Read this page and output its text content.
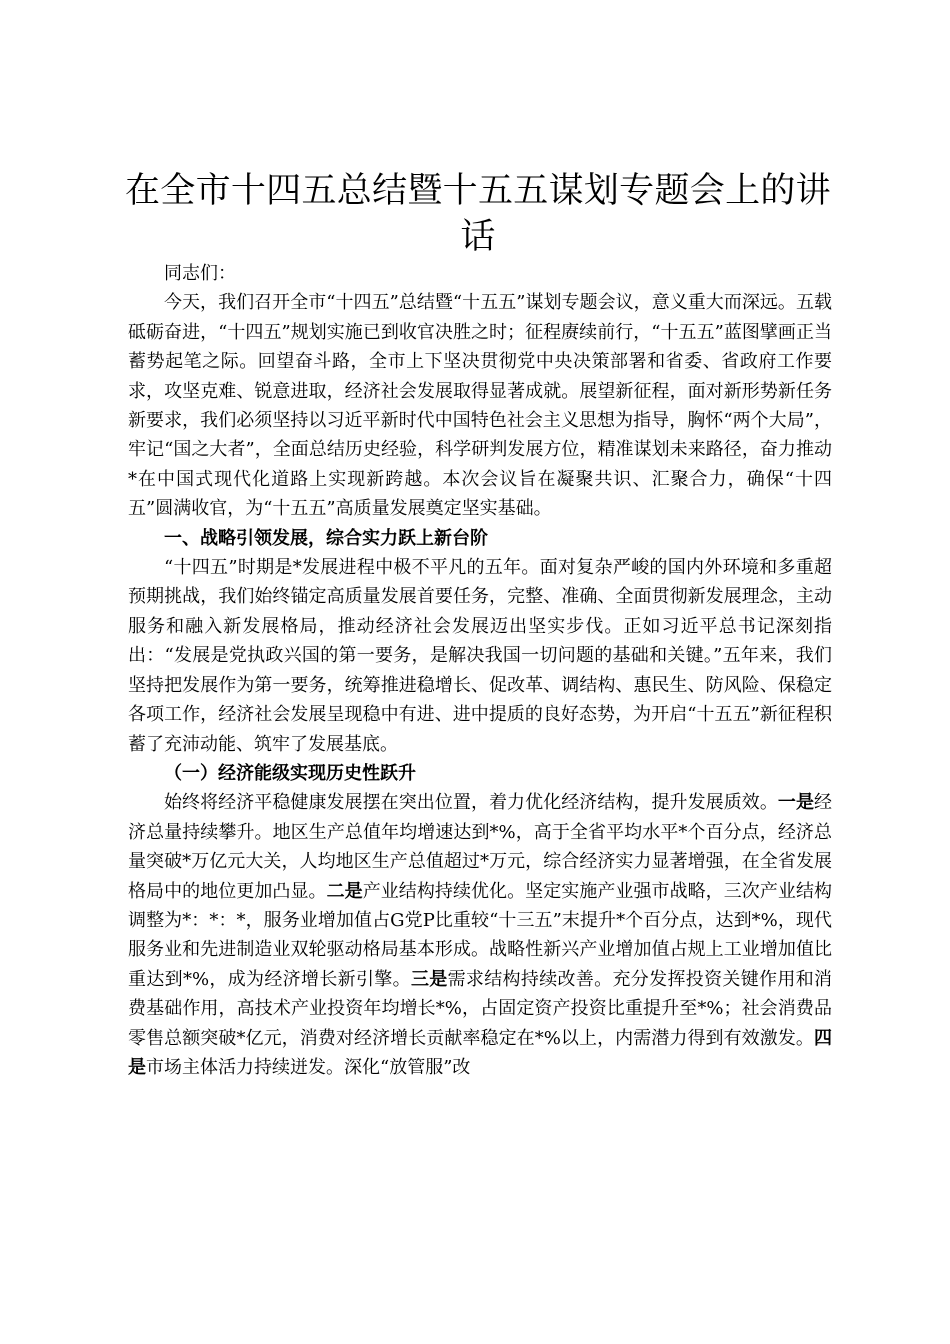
在全市十四五总结暨十五五谋划专题会上的讲话

同志们：

今天，我们召开全市“十四五”总结暨“十五五”谋划专题会议，意义重大而深远。五载砥砺奋进，“十四五”规划实施已到收官决胜之时；征程赓续前行，“十五五”蓝图擘画正当蓄势起笔之际。回望奋斗路，全市上下坚决贯彻党中央决策部署和省委、省政府工作要求，攻坚克难、锐意进取，经济社会发展取得显著成就。展望新征程，面对新形势新任务新要求，我们必须坚持以习近平新时代中国特色社会主义思想为指导，胸怀“两个大局”，牢记“国之大者”，全面总结历史经验，科学研判发展方位，精准谋划未来路径，奋力推动*在中国式现代化道路上实现新跨越。本次会议旨在凝聚共识、汇聚合力，确保“十四五”圆满收官，为“十五五”高质量发展奠定坚实基础。

一、战略引领发展，综合实力跃上新台阶

“十四五”时期是*发展进程中极不平凡的五年。面对复杂严峻的国内外环境和多重超预期挑战，我们始终锚定高质量发展首要任务，完整、准确、全面贯彻新发展理念，主动服务和融入新发展格局，推动经济社会发展迈出坚实步伐。正如习近平总书记深刻指出：“发展是党执政兴国的第一要务，是解决我国一切问题的基础和关键。”五年来，我们坚持把发展作为第一要务，统筹推进稳增长、促改革、调结构、惠民生、防风险、保稳定各项工作，经济社会发展呈现稳中有进、进中提质的良好态势，为开启“十五五”新征程积蓄了充沛动能、筑牢了发展基底。

（一）经济能级实现历史性跃升

始终将经济平稳健康发展摆在突出位置，着力优化经济结构，提升发展质效。一是经济总量持续攀升。地区生产总值年均增速达到*%，高于全省平均水平*个百分点，经济总量突破*万亿元大关，人均地区生产总值超过*万元，综合经济实力显著增强，在全省发展格局中的地位更加凸显。二是产业结构持续优化。坚定实施产业强市战略，三次产业结构调整为*：*：*，服务业增加值占G党P比重较“十三五”末提升*个百分点，达到*%，现代服务业和先进制造业双轮驱动格局基本形成。战略性新兴产业增加值占规上工业增加值比重达到*%，成为经济增长新引擎。三是需求结构持续改善。充分发挥投资关键作用和消费基础作用，高技术产业投资年均增长*%，占固定资产投资比重提升至*%；社会消费品零售总额突破*亿元，消费对经济增长贡献率稳定在*%以上，内需潜力得到有效激发。四是市场主体活力持续迸发。深化“放管服”改
